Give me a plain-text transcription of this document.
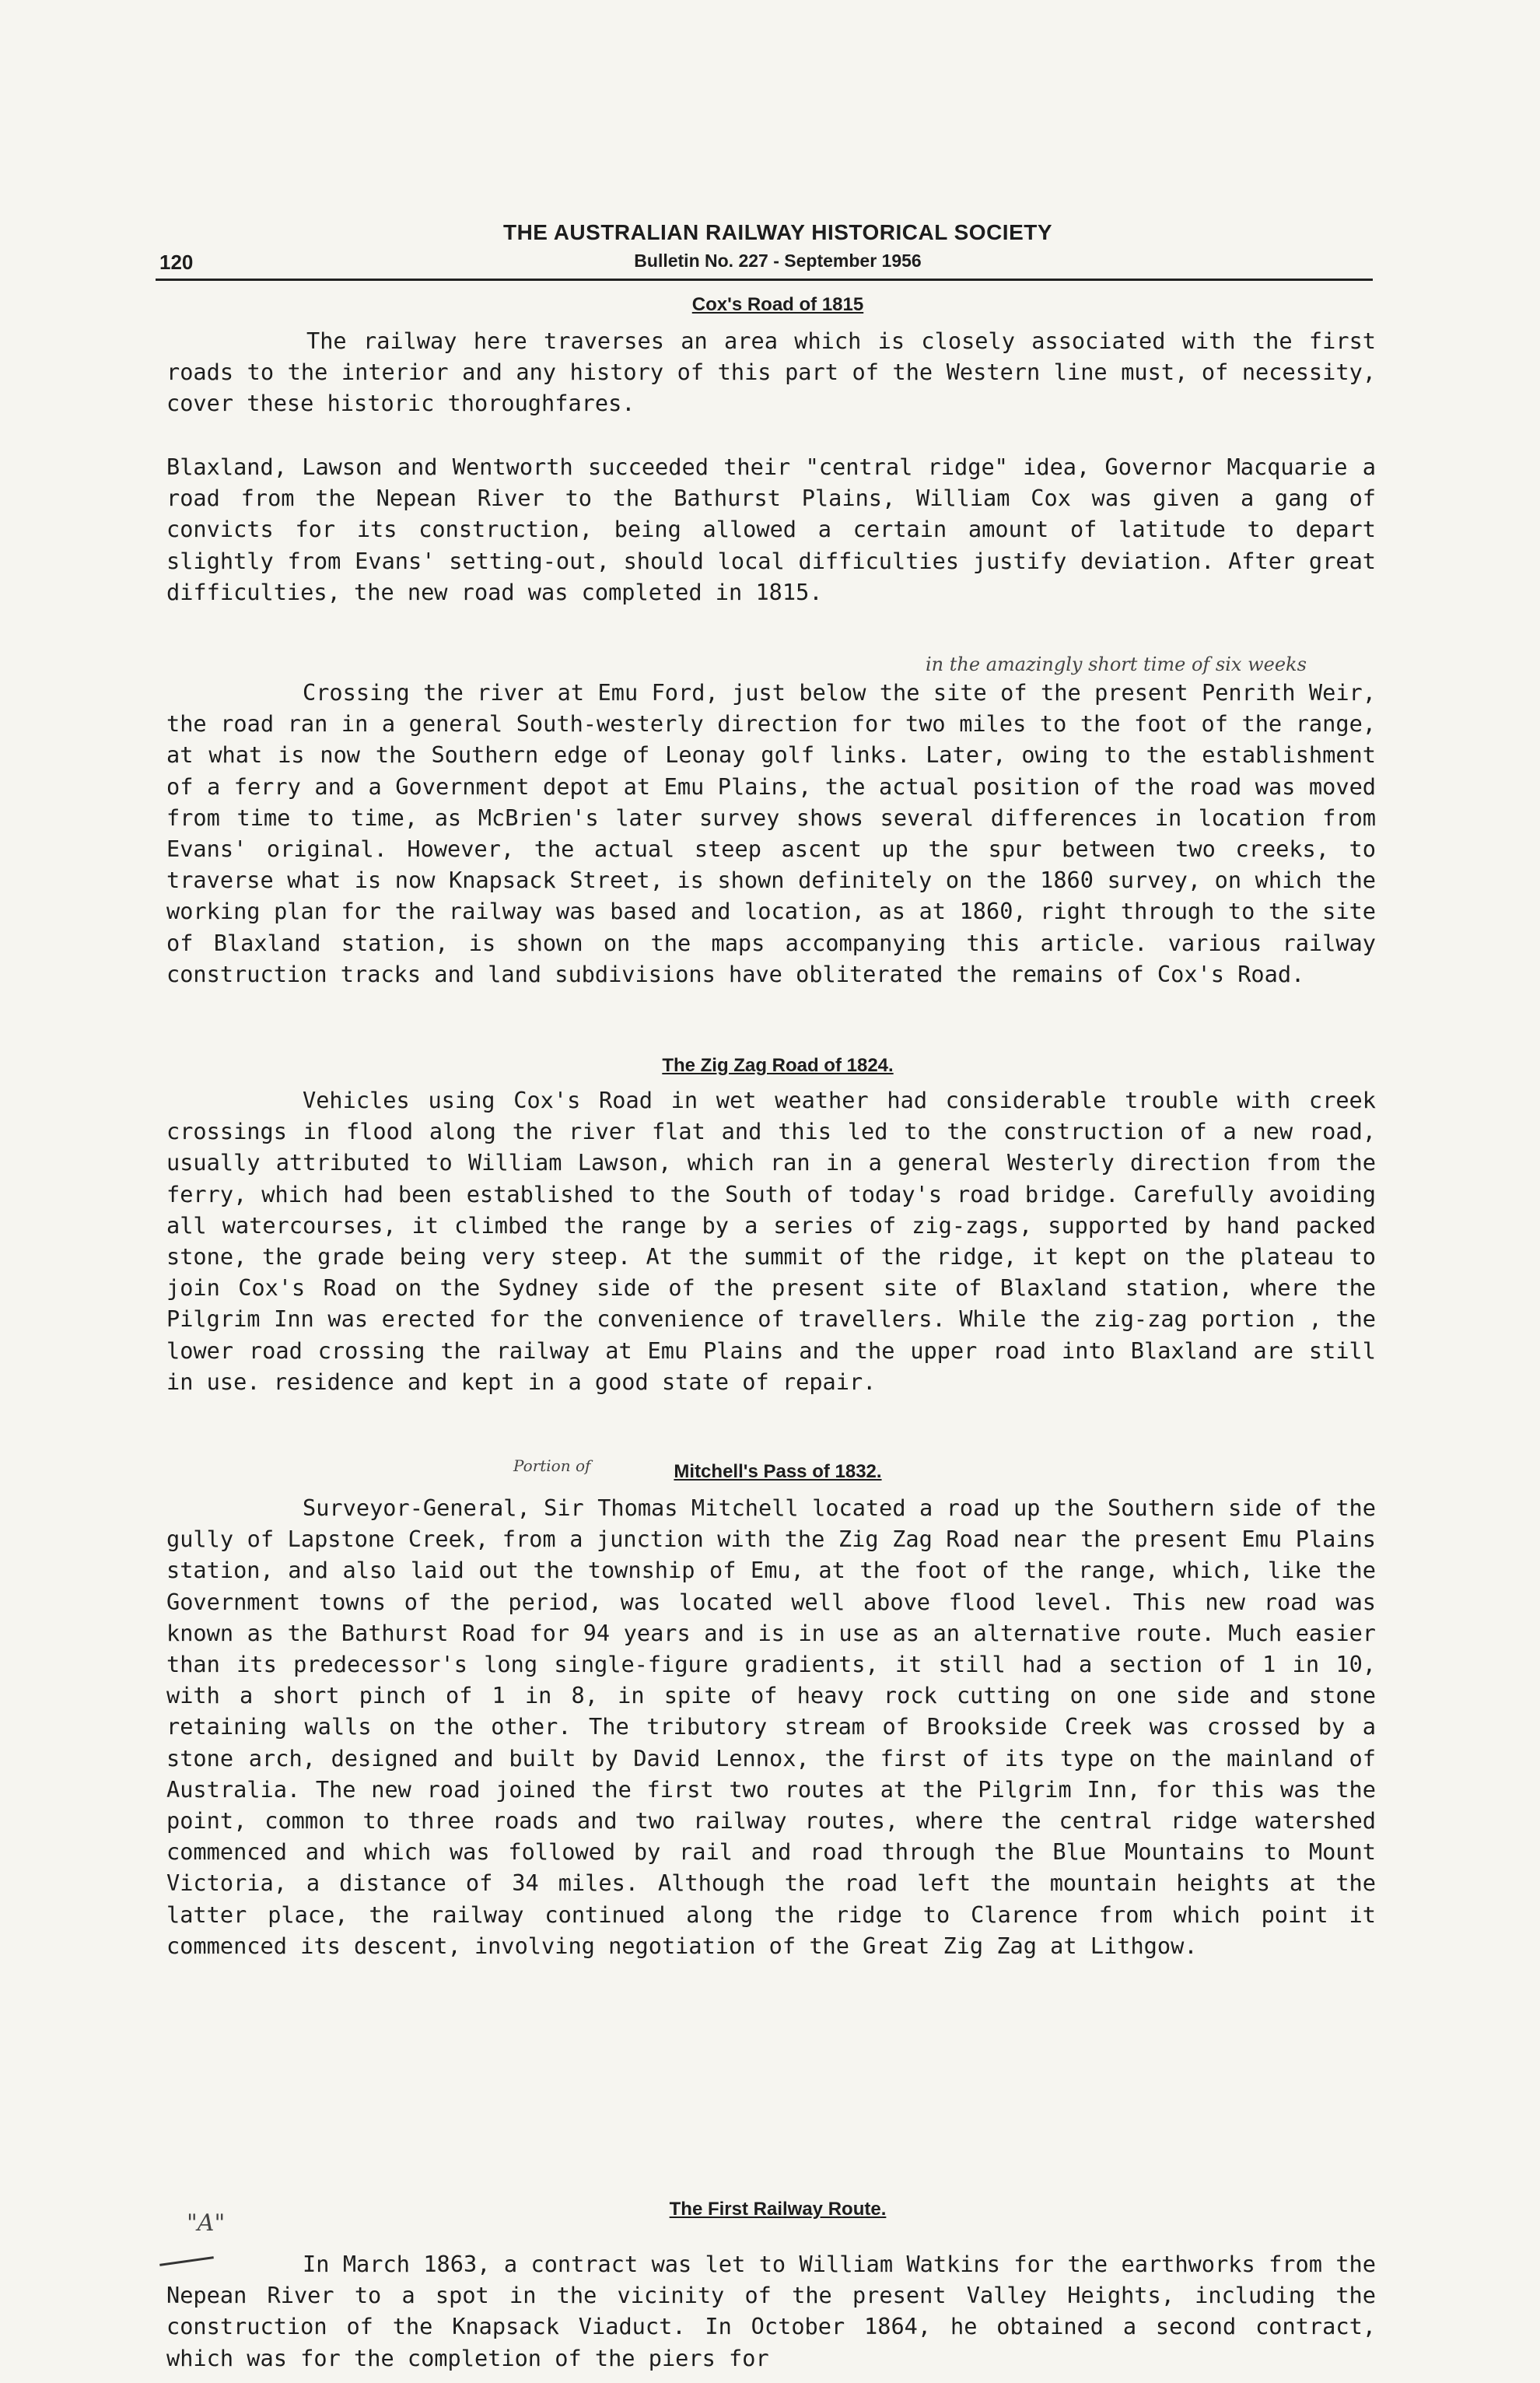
120
THE AUSTRALIAN RAILWAY HISTORICAL SOCIETY
Bulletin No. 227 - September 1956
Cox's Road of 1815
The railway here traverses an area which is closely associated with the first roads to the interior and any history of this part of the Western line must, of necessity, cover these historic thoroughfares.
Blaxland, Lawson and Wentworth succeeded their "central ridge" idea, Governor Macquarie a road from the Nepean River to the Bathurst Plains, William Cox was given a gang of convicts for its construction, being allowed a certain amount of latitude to depart slightly from Evans' setting-out, should local difficulties justify deviation. After great difficulties, the new road was completed in 1815.
in the amazingly short time of six weeks
Crossing the river at Emu Ford, just below the site of the present Penrith Weir, the road ran in a general South-westerly direction for two miles to the foot of the range, at what is now the Southern edge of Leonay golf links. Later, owing to the establishment of a ferry and a Government depot at Emu Plains, the actual position of the road was moved from time to time, as McBrien's later survey shows several differences in location from Evans' original. However, the actual steep ascent up the spur between two creeks, to traverse what is now Knapsack Street, is shown definitely on the 1860 survey, on which the working plan for the railway was based and location, as at 1860, right through to the site of Blaxland station, is shown on the maps accompanying this article. various railway construction tracks and land subdivisions have obliterated the remains of Cox's Road.
The Zig Zag Road of 1824.
Vehicles using Cox's Road in wet weather had considerable trouble with creek crossings in flood along the river flat and this led to the construction of a new road, usually attributed to William Lawson, which ran in a general Westerly direction from the ferry, which had been established to the South of today's road bridge. Carefully avoiding all watercourses, it climbed the range by a series of zig-zags, supported by hand packed stone, the grade being very steep. At the summit of the ridge, it kept on the plateau to join Cox's Road on the Sydney side of the present site of Blaxland station, where the Pilgrim Inn was erected for the convenience of travellers. While the zig-zag portion , the lower road crossing the railway at Emu Plains and the upper road into Blaxland are still in use. residence and kept in a good state of repair.
Portion of	Mitchell's Pass of 1832.
Surveyor-General, Sir Thomas Mitchell located a road up the Southern side of the gully of Lapstone Creek, from a junction with the Zig Zag Road near the present Emu Plains station, and also laid out the township of Emu, at the foot of the range, which, like the Government towns of the period, was located well above flood level. This new road was known as the Bathurst Road for 94 years and is in use as an alternative route. Much easier than its predecessor's long single-figure gradients, it still had a section of 1 in 10, with a short pinch of 1 in 8, in spite of heavy rock cutting on one side and stone retaining walls on the other. The tributory stream of Brookside Creek was crossed by a stone arch, designed and built by David Lennox, the first of its type on the mainland of Australia. The new road joined the first two routes at the Pilgrim Inn, for this was the point, common to three roads and two railway routes, where the central ridge watershed commenced and which was followed by rail and road through the Blue Mountains to Mount Victoria, a distance of 34 miles. Although the road left the mountain heights at the latter place, the railway continued along the ridge to Clarence from which point it commenced its descent, involving negotiation of the Great Zig Zag at Lithgow.
The First Railway Route.
"A"
In March 1863, a contract was let to William Watkins for the earthworks from the Nepean River to a spot in the vicinity of the present Valley Heights, including the construction of the Knapsack Viaduct. In October 1864, he obtained a second contract, which was for the completion of the piers for
